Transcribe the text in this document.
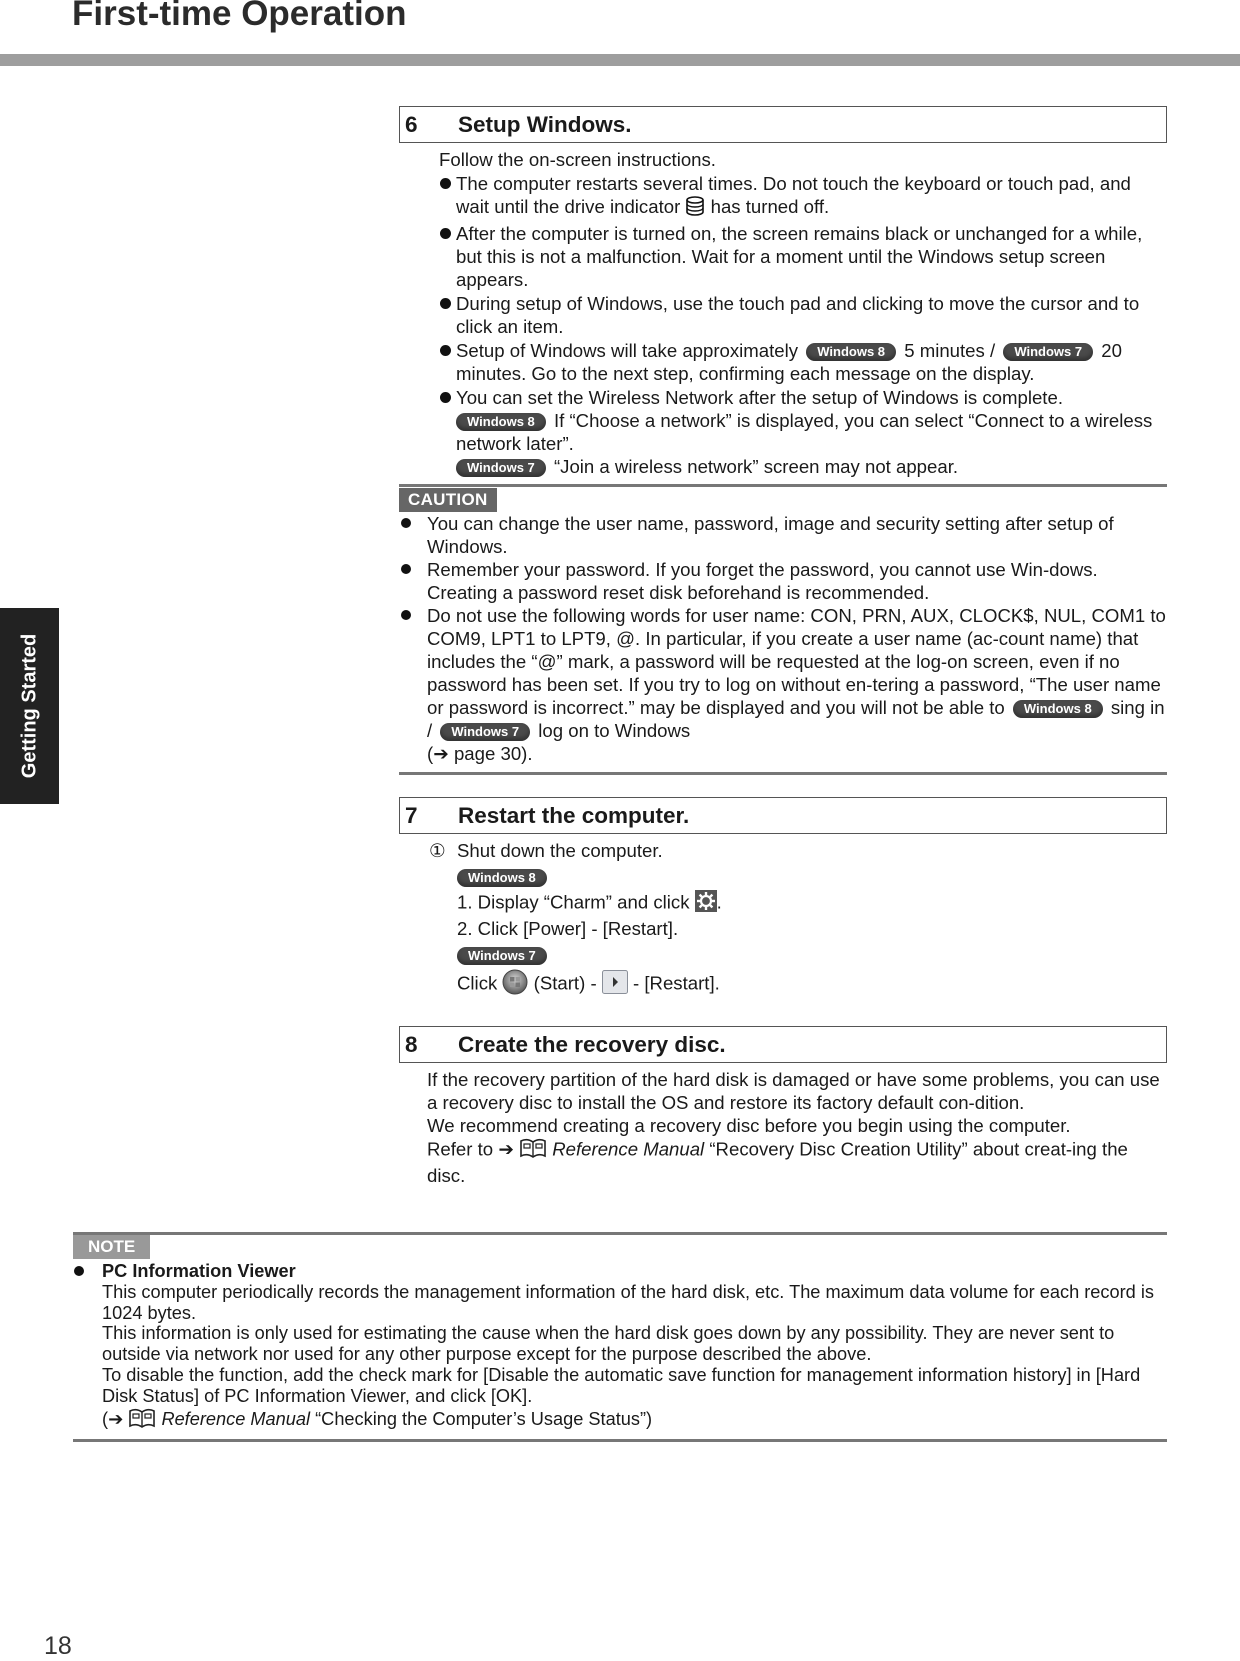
First-time Operation
Getting Started
6 Setup Windows.
Follow the on-screen instructions.
The computer restarts several times. Do not touch the keyboard or touch pad, and wait until the drive indicator has turned off.
After the computer is turned on, the screen remains black or unchanged for a while, but this is not a malfunction. Wait for a moment until the Windows setup screen appears.
During setup of Windows, use the touch pad and clicking to move the cursor and to click an item.
Setup of Windows will take approximately Windows 8 5 minutes / Windows 7 20 minutes. Go to the next step, confirming each message on the display.
You can set the Wireless Network after the setup of Windows is complete.
Windows 8 If “Choose a network” is displayed, you can select “Connect to a wireless network later”.
Windows 7 “Join a wireless network” screen may not appear.
CAUTION
You can change the user name, password, image and security setting after setup of Windows.
Remember your password. If you forget the password, you cannot use Win-dows. Creating a password reset disk beforehand is recommended.
Do not use the following words for user name: CON, PRN, AUX, CLOCK$, NUL, COM1 to COM9, LPT1 to LPT9, @. In particular, if you create a user name (ac-count name) that includes the “@” mark, a password will be requested at the log-on screen, even if no password has been set. If you try to log on without en-tering a password, “The user name or password is incorrect.” may be displayed and you will not be able to Windows 8 sing in / Windows 7 log on to Windows
(➔ page 30).
7 Restart the computer.
① Shut down the computer.
Windows 8
1. Display “Charm” and click .
2. Click [Power] - [Restart].
Windows 7
Click (Start) - - [Restart].
8 Create the recovery disc.
If the recovery partition of the hard disk is damaged or have some problems, you can use a recovery disc to install the OS and restore its factory default con-dition.
We recommend creating a recovery disc before you begin using the computer.
Refer to ➔ Reference Manual “Recovery Disc Creation Utility” about creat-ing the disc.
NOTE
PC Information Viewer
This computer periodically records the management information of the hard disk, etc. The maximum data volume for each record is 1024 bytes.
This information is only used for estimating the cause when the hard disk goes down by any possibility. They are never sent to outside via network nor used for any other purpose except for the purpose described the above.
To disable the function, add the check mark for [Disable the automatic save function for management information history] in [Hard Disk Status] of PC Information Viewer, and click [OK].
(➔ Reference Manual “Checking the Computer’s Usage Status”)
18
